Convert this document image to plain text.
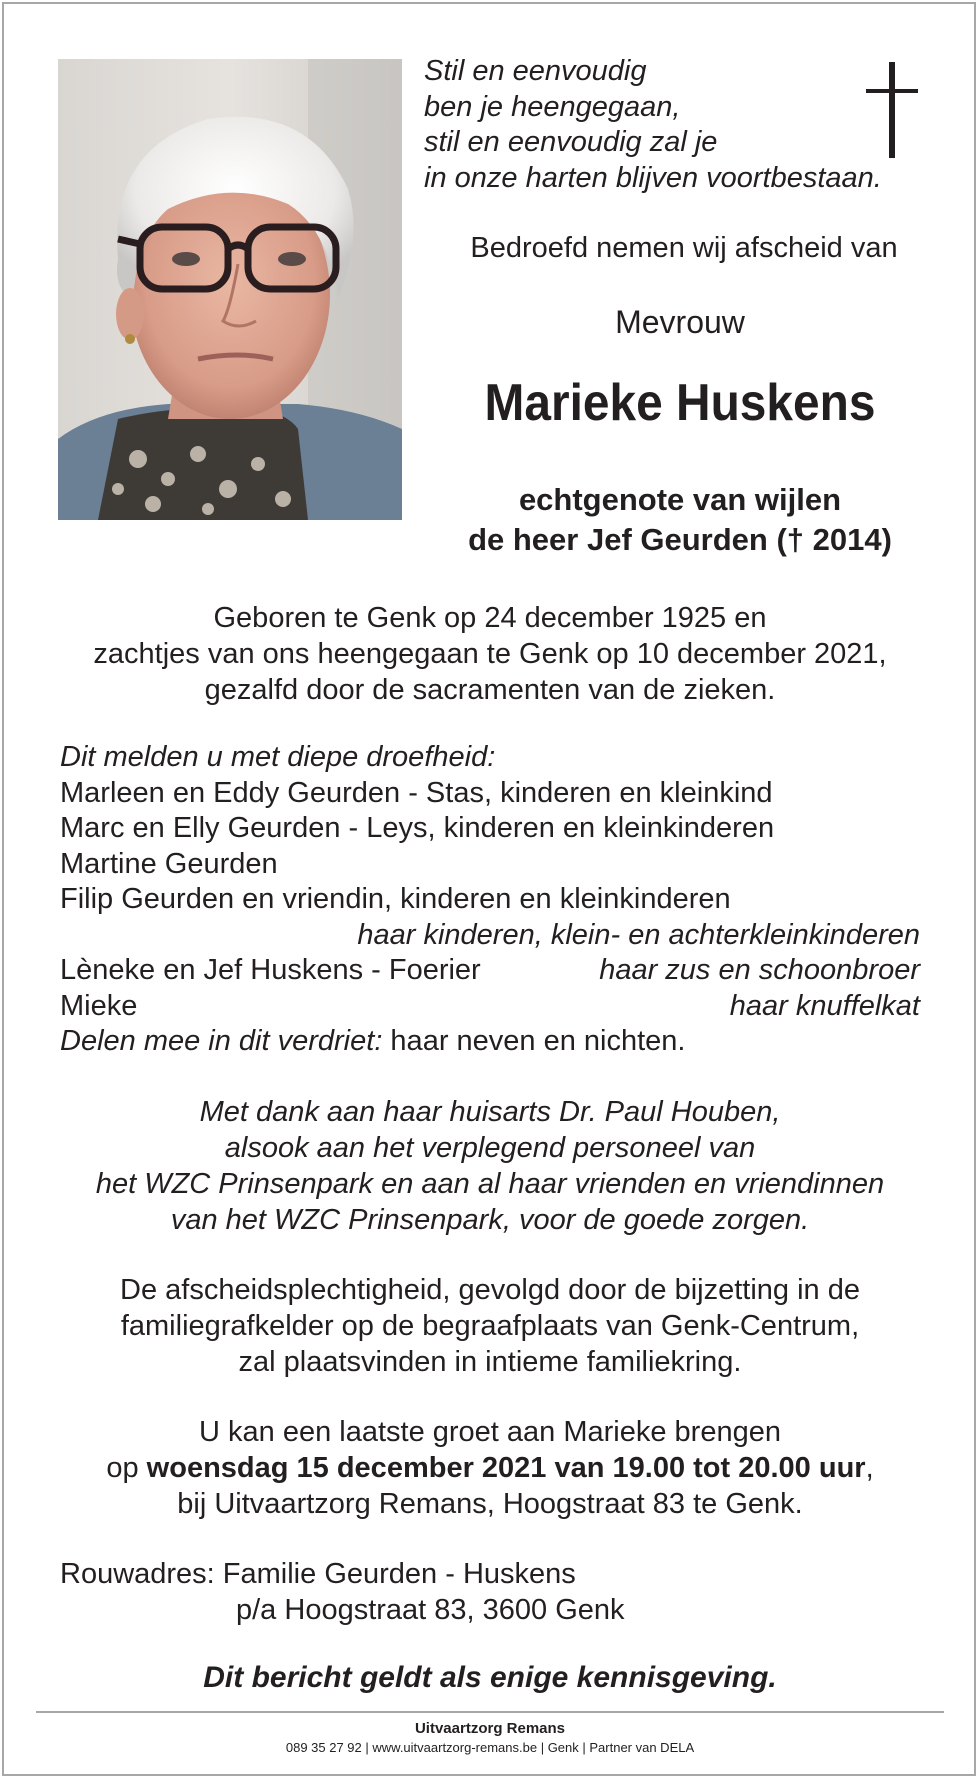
Stil en eenvoudig
ben je heengegaan,
stil en eenvoudig zal je
in onze harten blijven voortbestaan.
Bedroefd nemen wij afscheid van
Mevrouw
Marieke Huskens
echtgenote van wijlen
de heer Jef Geurden († 2014)
Geboren te Genk op 24 december 1925 en
zachtjes van ons heengegaan te Genk op 10 december 2021,
gezalfd door de sacramenten van de zieken.
Dit melden u met diepe droefheid:
Marleen en Eddy Geurden - Stas, kinderen en kleinkind
Marc en Elly Geurden - Leys, kinderen en kleinkinderen
Martine Geurden
Filip Geurden en vriendin, kinderen en kleinkinderen
haar kinderen, klein- en achterkleinkinderen
Lèneke en Jef Huskens - Foerier	haar zus en schoonbroer
Mieke	haar knuffelkat
Delen mee in dit verdriet: haar neven en nichten.
Met dank aan haar huisarts Dr. Paul Houben,
alsook aan het verplegend personeel van
het WZC Prinsenpark en aan al haar vrienden en vriendinnen
van het WZC Prinsenpark, voor de goede zorgen.
De afscheidsplechtigheid, gevolgd door de bijzetting in de
familiegrafkelder op de begraafplaats van Genk-Centrum,
zal plaatsvinden in intieme familiekring.
U kan een laatste groet aan Marieke brengen
op woensdag 15 december 2021 van 19.00 tot 20.00 uur,
bij Uitvaartzorg Remans, Hoogstraat 83 te Genk.
Rouwadres: Familie Geurden - Huskens
p/a Hoogstraat 83, 3600 Genk
Dit bericht geldt als enige kennisgeving.
Uitvaartzorg Remans
089 35 27 92 | www.uitvaartzorg-remans.be | Genk | Partner van DELA
